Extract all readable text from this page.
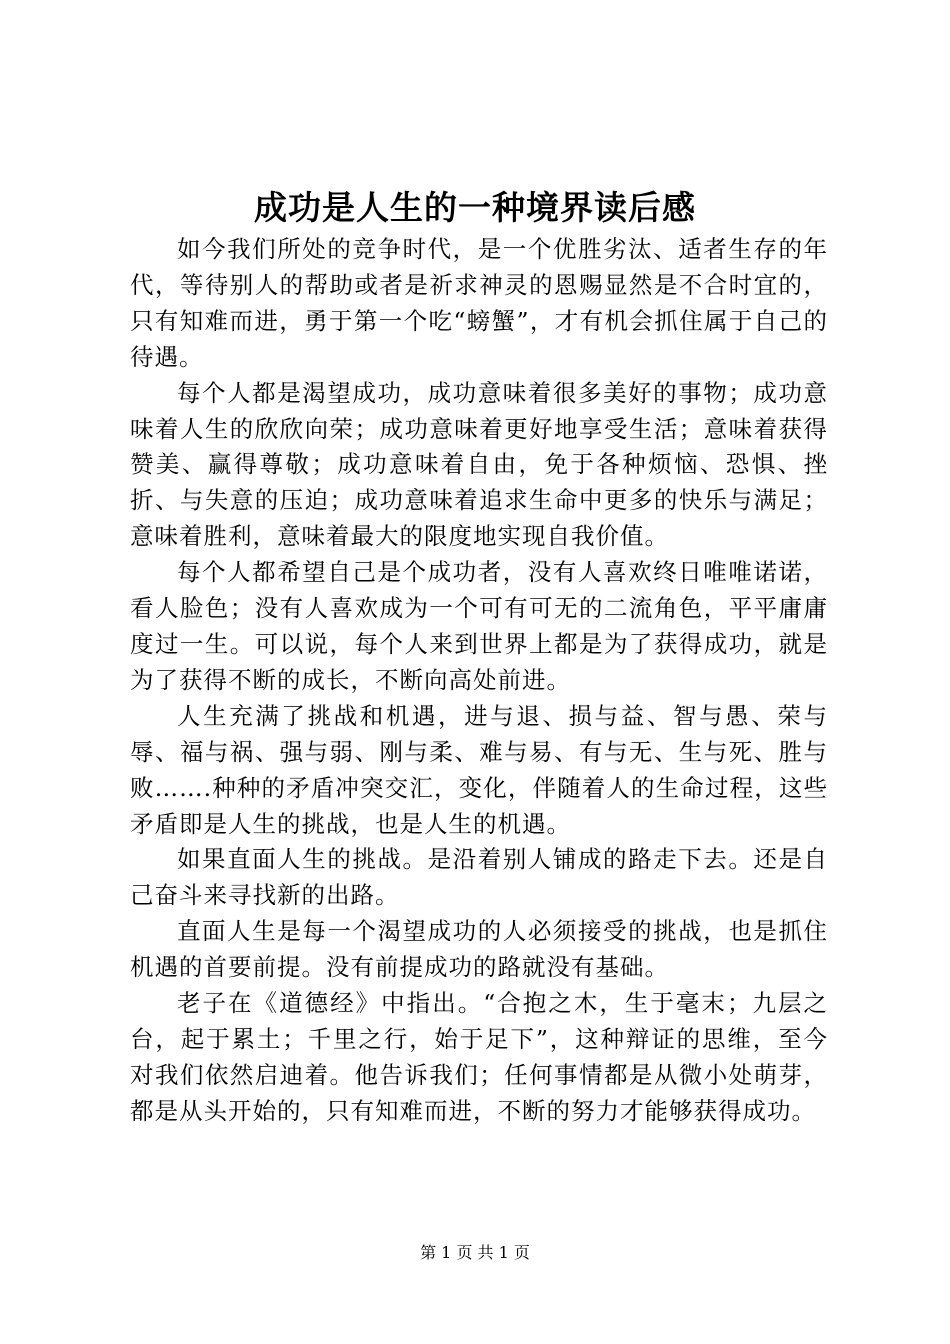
成功是人生的一种境界读后感

如今我们所处的竞争时代，是一个优胜劣汰、适者生存的年代，等待别人的帮助或者是祈求神灵的恩赐显然是不合时宜的，只有知难而进，勇于第一个吃“螃蟹”，才有机会抓住属于自己的待遇。

每个人都是渴望成功，成功意味着很多美好的事物；成功意味着人生的欣欣向荣；成功意味着更好地享受生活；意味着获得赞美、赢得尊敬；成功意味着自由，免于各种烦恼、恐惧、挫折、与失意的压迫；成功意味着追求生命中更多的快乐与满足；意味着胜利，意味着最大的限度地实现自我价值。

每个人都希望自己是个成功者，没有人喜欢终日唯唯诺诺，看人脸色；没有人喜欢成为一个可有可无的二流角色，平平庸庸度过一生。可以说，每个人来到世界上都是为了获得成功，就是为了获得不断的成长，不断向高处前进。

人生充满了挑战和机遇，进与退、损与益、智与愚、荣与辱、福与祸、强与弱、刚与柔、难与易、有与无、生与死、胜与败…….种种的矛盾冲突交汇，变化，伴随着人的生命过程，这些矛盾即是人生的挑战，也是人生的机遇。

如果直面人生的挑战。是沿着别人铺成的路走下去。还是自己奋斗来寻找新的出路。

直面人生是每一个渴望成功的人必须接受的挑战，也是抓住机遇的首要前提。没有前提成功的路就没有基础。

老子在《道德经》中指出。“合抱之木，生于毫末；九层之台，起于累土；千里之行，始于足下”，这种辩证的思维，至今对我们依然启迪着。他告诉我们；任何事情都是从微小处萌芽，都是从头开始的，只有知难而进，不断的努力才能够获得成功。

第 1 页 共 1 页
